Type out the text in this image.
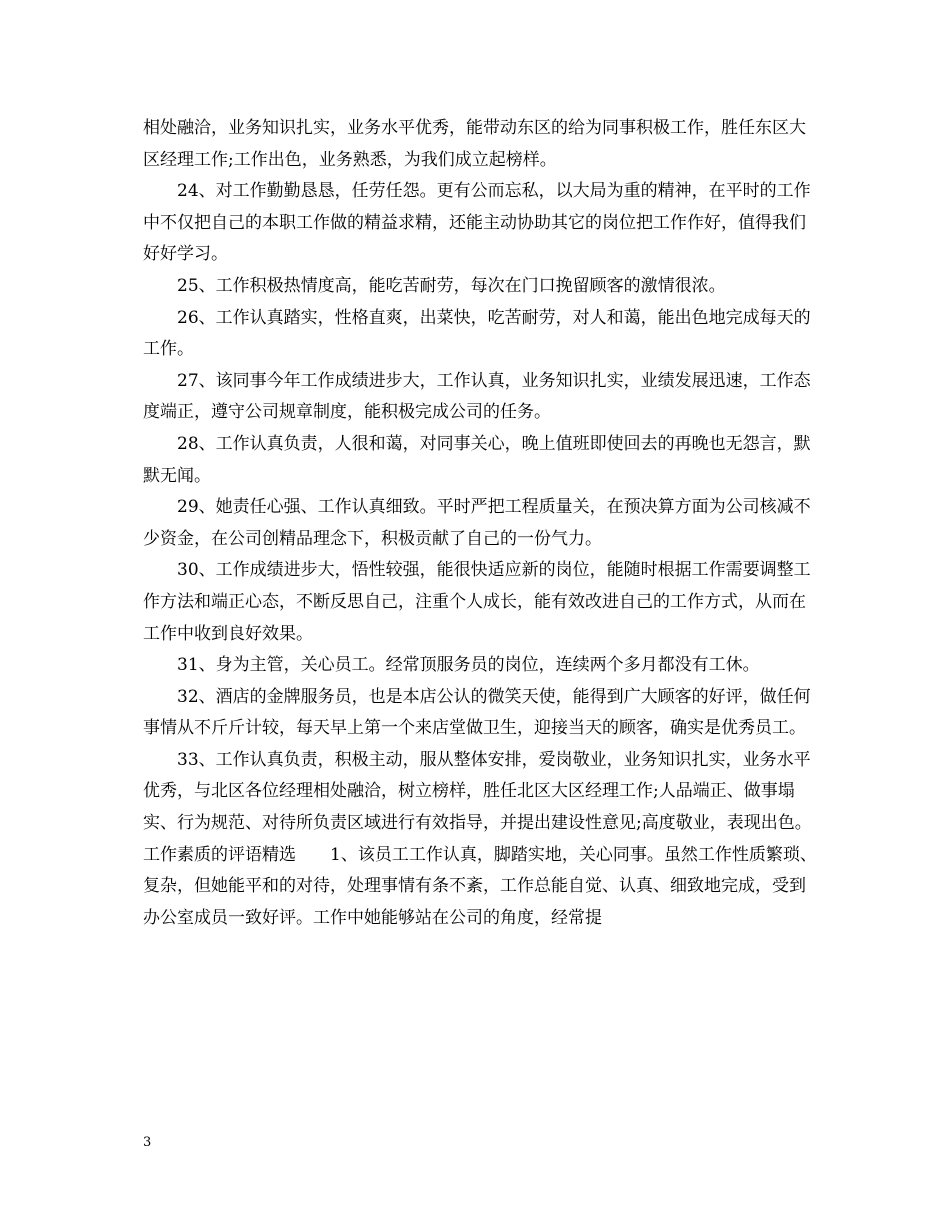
相处融洽，业务知识扎实，业务水平优秀，能带动东区的给为同事积极工作，胜任东区大区经理工作;工作出色，业务熟悉，为我们成立起榜样。

24、对工作勤勤恳恳，任劳任怨。更有公而忘私，以大局为重的精神，在平时的工作中不仅把自己的本职工作做的精益求精，还能主动协助其它的岗位把工作作好，值得我们好好学习。

25、工作积极热情度高，能吃苦耐劳，每次在门口挽留顾客的激情很浓。

26、工作认真踏实，性格直爽，出菜快，吃苦耐劳，对人和蔼，能出色地完成每天的工作。

27、该同事今年工作成绩进步大，工作认真，业务知识扎实，业绩发展迅速，工作态度端正，遵守公司规章制度，能积极完成公司的任务。

28、工作认真负责，人很和蔼，对同事关心，晚上值班即使回去的再晚也无怨言，默默无闻。

29、她责任心强、工作认真细致。平时严把工程质量关，在预决算方面为公司核减不少资金，在公司创精品理念下，积极贡献了自己的一份气力。

30、工作成绩进步大，悟性较强，能很快适应新的岗位，能随时根据工作需要调整工作方法和端正心态，不断反思自己，注重个人成长，能有效改进自己的工作方式，从而在工作中收到良好效果。

31、身为主管，关心员工。经常顶服务员的岗位，连续两个多月都没有工休。

32、酒店的金牌服务员，也是本店公认的微笑天使，能得到广大顾客的好评，做任何事情从不斤斤计较，每天早上第一个来店堂做卫生，迎接当天的顾客，确实是优秀员工。

33、工作认真负责，积极主动，服从整体安排，爱岗敬业，业务知识扎实，业务水平优秀，与北区各位经理相处融洽，树立榜样，胜任北区大区经理工作;人品端正、做事塌实、行为规范、对待所负责区域进行有效指导，并提出建设性意见;高度敬业，表现出色。

工作素质的评语精选　　1、该员工工作认真，脚踏实地，关心同事。虽然工作性质繁琐、复杂，但她能平和的对待，处理事情有条不紊，工作总能自觉、认真、细致地完成，受到办公室成员一致好评。工作中她能够站在公司的角度，经常提

3
